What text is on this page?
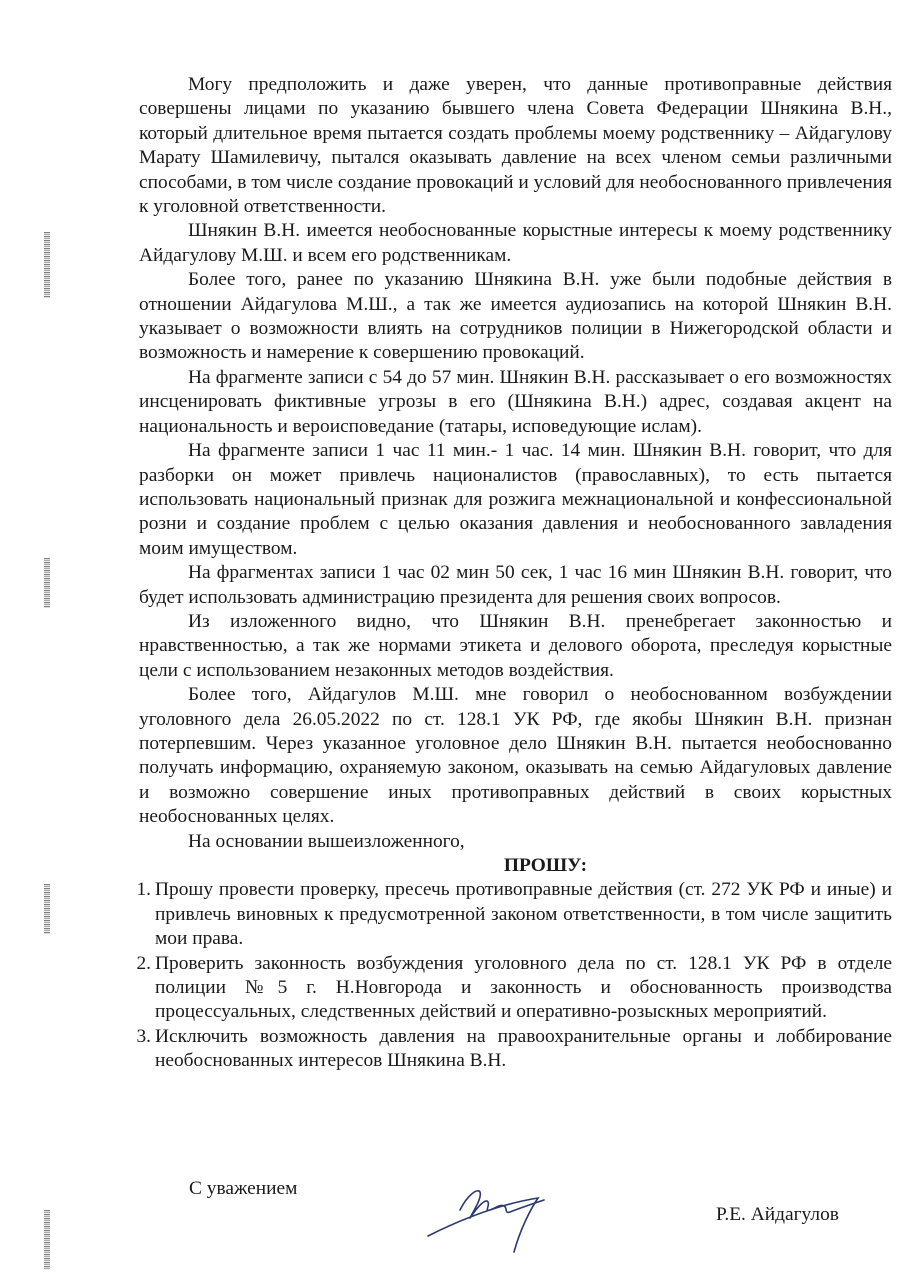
Могу предположить и даже уверен, что данные противоправные действия совершены лицами по указанию бывшего члена Совета Федерации Шнякина В.Н., который длительное время пытается создать проблемы моему родственнику – Айдагулову Марату Шамилевичу, пытался оказывать давление на всех членом семьи различными способами, в том числе создание провокаций и условий для необоснованного привлечения к уголовной ответственности.

Шнякин В.Н. имеется необоснованные корыстные интересы к моему родственнику Айдагулову М.Ш. и всем его родственникам.

Более того, ранее по указанию Шнякина В.Н. уже были подобные действия в отношении Айдагулова М.Ш., а так же имеется аудиозапись на которой Шнякин В.Н. указывает о возможности влиять на сотрудников полиции в Нижегородской области и возможность и намерение к совершению провокаций.

На фрагменте записи с 54 до 57 мин. Шнякин В.Н. рассказывает о его возможностях инсценировать фиктивные угрозы в его (Шнякина В.Н.) адрес, создавая акцент на национальность и вероисповедание (татары, исповедующие ислам).

На фрагменте записи 1 час 11 мин.- 1 час. 14 мин. Шнякин В.Н. говорит, что для разборки он может привлечь националистов (православных), то есть пытается использовать национальный признак для розжига межнациональной и конфессиональной розни и создание проблем с целью оказания давления и необоснованного завладения моим имуществом.

На фрагментах записи 1 час 02 мин 50 сек, 1 час 16 мин Шнякин В.Н. говорит, что будет использовать администрацию президента для решения своих вопросов.

Из изложенного видно, что Шнякин В.Н. пренебрегает законностью и нравственностью, а так же нормами этикета и делового оборота, преследуя корыстные цели с использованием незаконных методов воздействия.

Более того, Айдагулов М.Ш. мне говорил о необоснованном возбуждении уголовного дела 26.05.2022 по ст. 128.1 УК РФ, где якобы Шнякин В.Н. признан потерпевшим. Через указанное уголовное дело Шнякин В.Н. пытается необоснованно получать информацию, охраняемую законом, оказывать на семью Айдагуловых давление и возможно совершение иных противоправных действий в своих корыстных необоснованных целях.

На основании вышеизложенного,

ПРОШУ:

1. Прошу провести проверку, пресечь противоправные действия (ст. 272 УК РФ и иные) и привлечь виновных к предусмотренной законом ответственности, в том числе защитить мои права.
2. Проверить законность возбуждения уголовного дела по ст. 128.1 УК РФ в отделе полиции №5 г. Н.Новгорода и законность и обоснованность производства процессуальных, следственных действий и оперативно-розыскных мероприятий.
3. Исключить возможность давления на правоохранительные органы и лоббирование необоснованных интересов Шнякина В.Н.
С уважением
Р.Е. Айдагулов
